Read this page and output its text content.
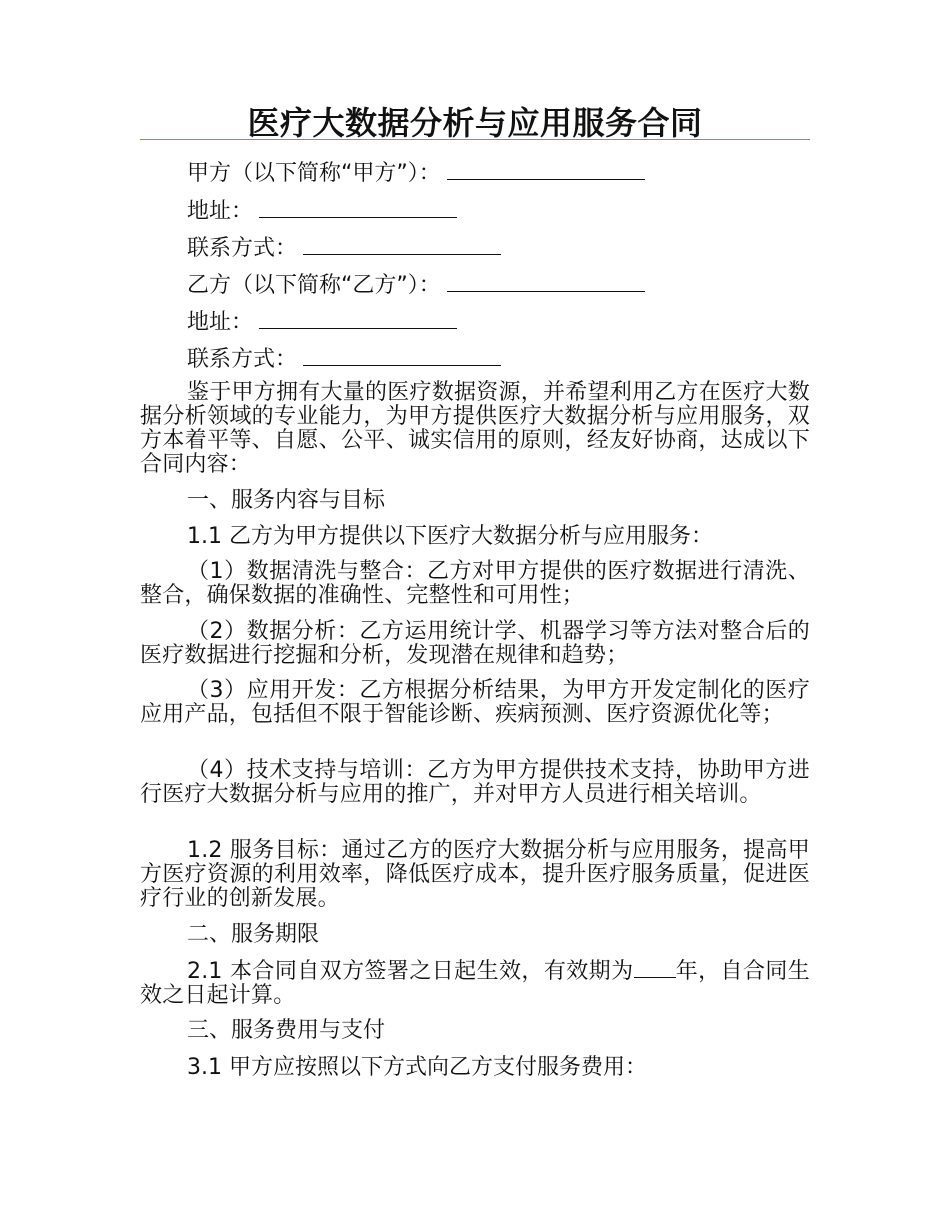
医疗大数据分析与应用服务合同
甲方（以下简称“甲方”）：
地址：
联系方式：
乙方（以下简称“乙方”）：
地址：
联系方式：
鉴于甲方拥有大量的医疗数据资源，并希望利用乙方在医疗大数据分析领域的专业能力，为甲方提供医疗大数据分析与应用服务，双方本着平等、自愿、公平、诚实信用的原则，经友好协商，达成以下合同内容：
一、服务内容与目标
1.1 乙方为甲方提供以下医疗大数据分析与应用服务：
（1）数据清洗与整合：乙方对甲方提供的医疗数据进行清洗、整合，确保数据的准确性、完整性和可用性；
（2）数据分析：乙方运用统计学、机器学习等方法对整合后的医疗数据进行挖掘和分析，发现潜在规律和趋势；
（3）应用开发：乙方根据分析结果，为甲方开发定制化的医疗应用产品，包括但不限于智能诊断、疾病预测、医疗资源优化等；
（4）技术支持与培训：乙方为甲方提供技术支持，协助甲方进行医疗大数据分析与应用的推广，并对甲方人员进行相关培训。
1.2 服务目标：通过乙方的医疗大数据分析与应用服务，提高甲方医疗资源的利用效率，降低医疗成本，提升医疗服务质量，促进医疗行业的创新发展。
二、服务期限
2.1 本合同自双方签署之日起生效，有效期为 年，自合同生效之日起计算。
三、服务费用与支付
3.1 甲方应按照以下方式向乙方支付服务费用：
